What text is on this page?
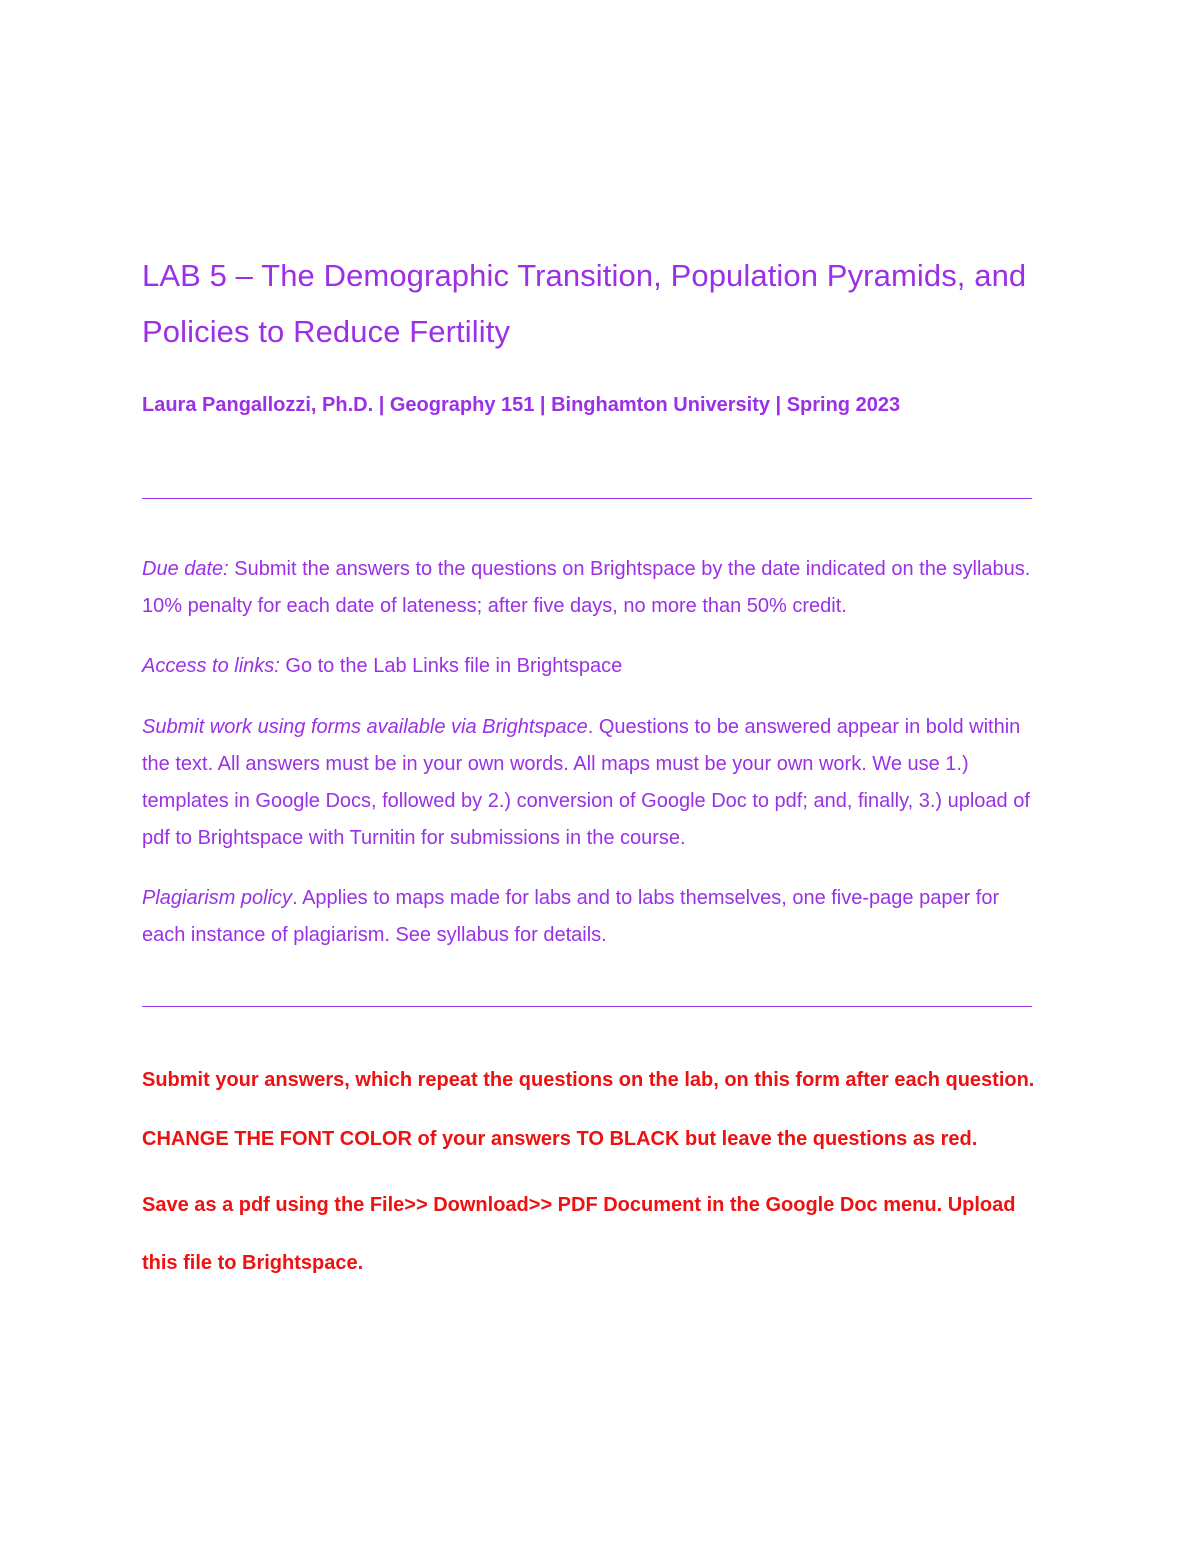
LAB 5 – The Demographic Transition, Population Pyramids, and
Policies to Reduce Fertility

Laura Pangallozzi, Ph.D. | Geography 151 | Binghamton University | Spring 2023

Due date: Submit the answers to the questions on Brightspace by the date indicated on the syllabus. 10% penalty for each date of lateness; after five days, no more than 50% credit.

Access to links: Go to the Lab Links file in Brightspace

Submit work using forms available via Brightspace. Questions to be answered appear in bold within the text. All answers must be in your own words. All maps must be your own work. We use 1.) templates in Google Docs, followed by 2.) conversion of Google Doc to pdf; and, finally, 3.) upload of pdf to Brightspace with Turnitin for submissions in the course.

Plagiarism policy. Applies to maps made for labs and to labs themselves, one five-page paper for each instance of plagiarism. See syllabus for details.

Submit your answers, which repeat the questions on the lab, on this form after each question.

CHANGE THE FONT COLOR of your answers TO BLACK but leave the questions as red.

Save as a pdf using the File>> Download>> PDF Document in the Google Doc menu. Upload this file to Brightspace.
